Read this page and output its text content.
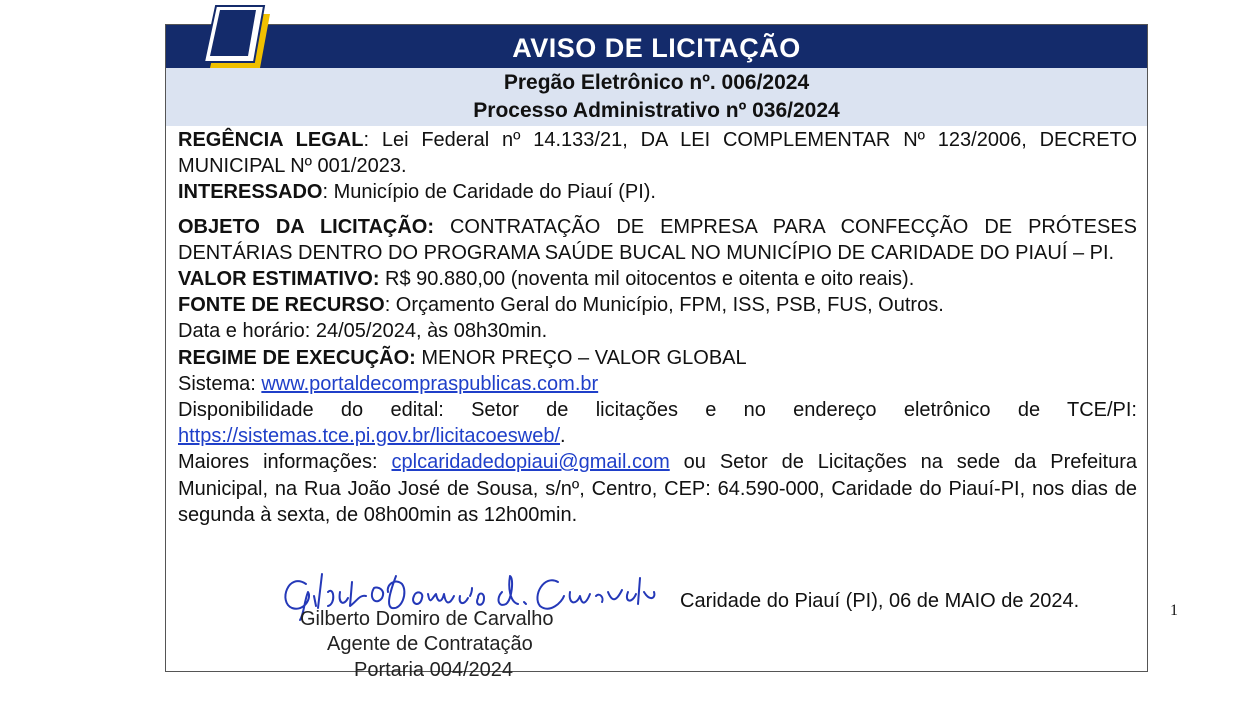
AVISO DE LICITAÇÃO
Pregão Eletrônico nº. 006/2024
Processo Administrativo nº 036/2024

REGÊNCIA LEGAL: Lei Federal nº 14.133/21, DA LEI COMPLEMENTAR Nº 123/2006, DECRETO MUNICIPAL Nº 001/2023.

INTERESSADO: Município de Caridade do Piauí (PI).

OBJETO DA LICITAÇÃO: CONTRATAÇÃO DE EMPRESA PARA CONFECÇÃO DE PRÓTESES DENTÁRIAS DENTRO DO PROGRAMA SAÚDE BUCAL NO MUNICÍPIO DE CARIDADE DO PIAUÍ – PI.

VALOR ESTIMATIVO: R$ 90.880,00 (noventa mil oitocentos e oitenta e oito reais).

FONTE DE RECURSO: Orçamento Geral do Município, FPM, ISS, PSB, FUS, Outros.

Data e horário: 24/05/2024, às 08h30min.

REGIME DE EXECUÇÃO: MENOR PREÇO – VALOR GLOBAL

Sistema: www.portaldecompraspublicas.com.br

Disponibilidade do edital: Setor de licitações e no endereço eletrônico de TCE/PI: https://sistemas.tce.pi.gov.br/licitacoesweb/.

Maiores informações: cplcaridadedopiaui@gmail.com ou Setor de Licitações na sede da Prefeitura Municipal, na Rua João José de Sousa, s/nº, Centro, CEP: 64.590-000, Caridade do Piauí-PI, nos dias de segunda à sexta, de 08h00min as 12h00min.

Gilberto Domiro de Carvalho
Agente de Contratação
Portaria 004/2024
Caridade do Piauí (PI), 06 de MAIO de 2024.	1
